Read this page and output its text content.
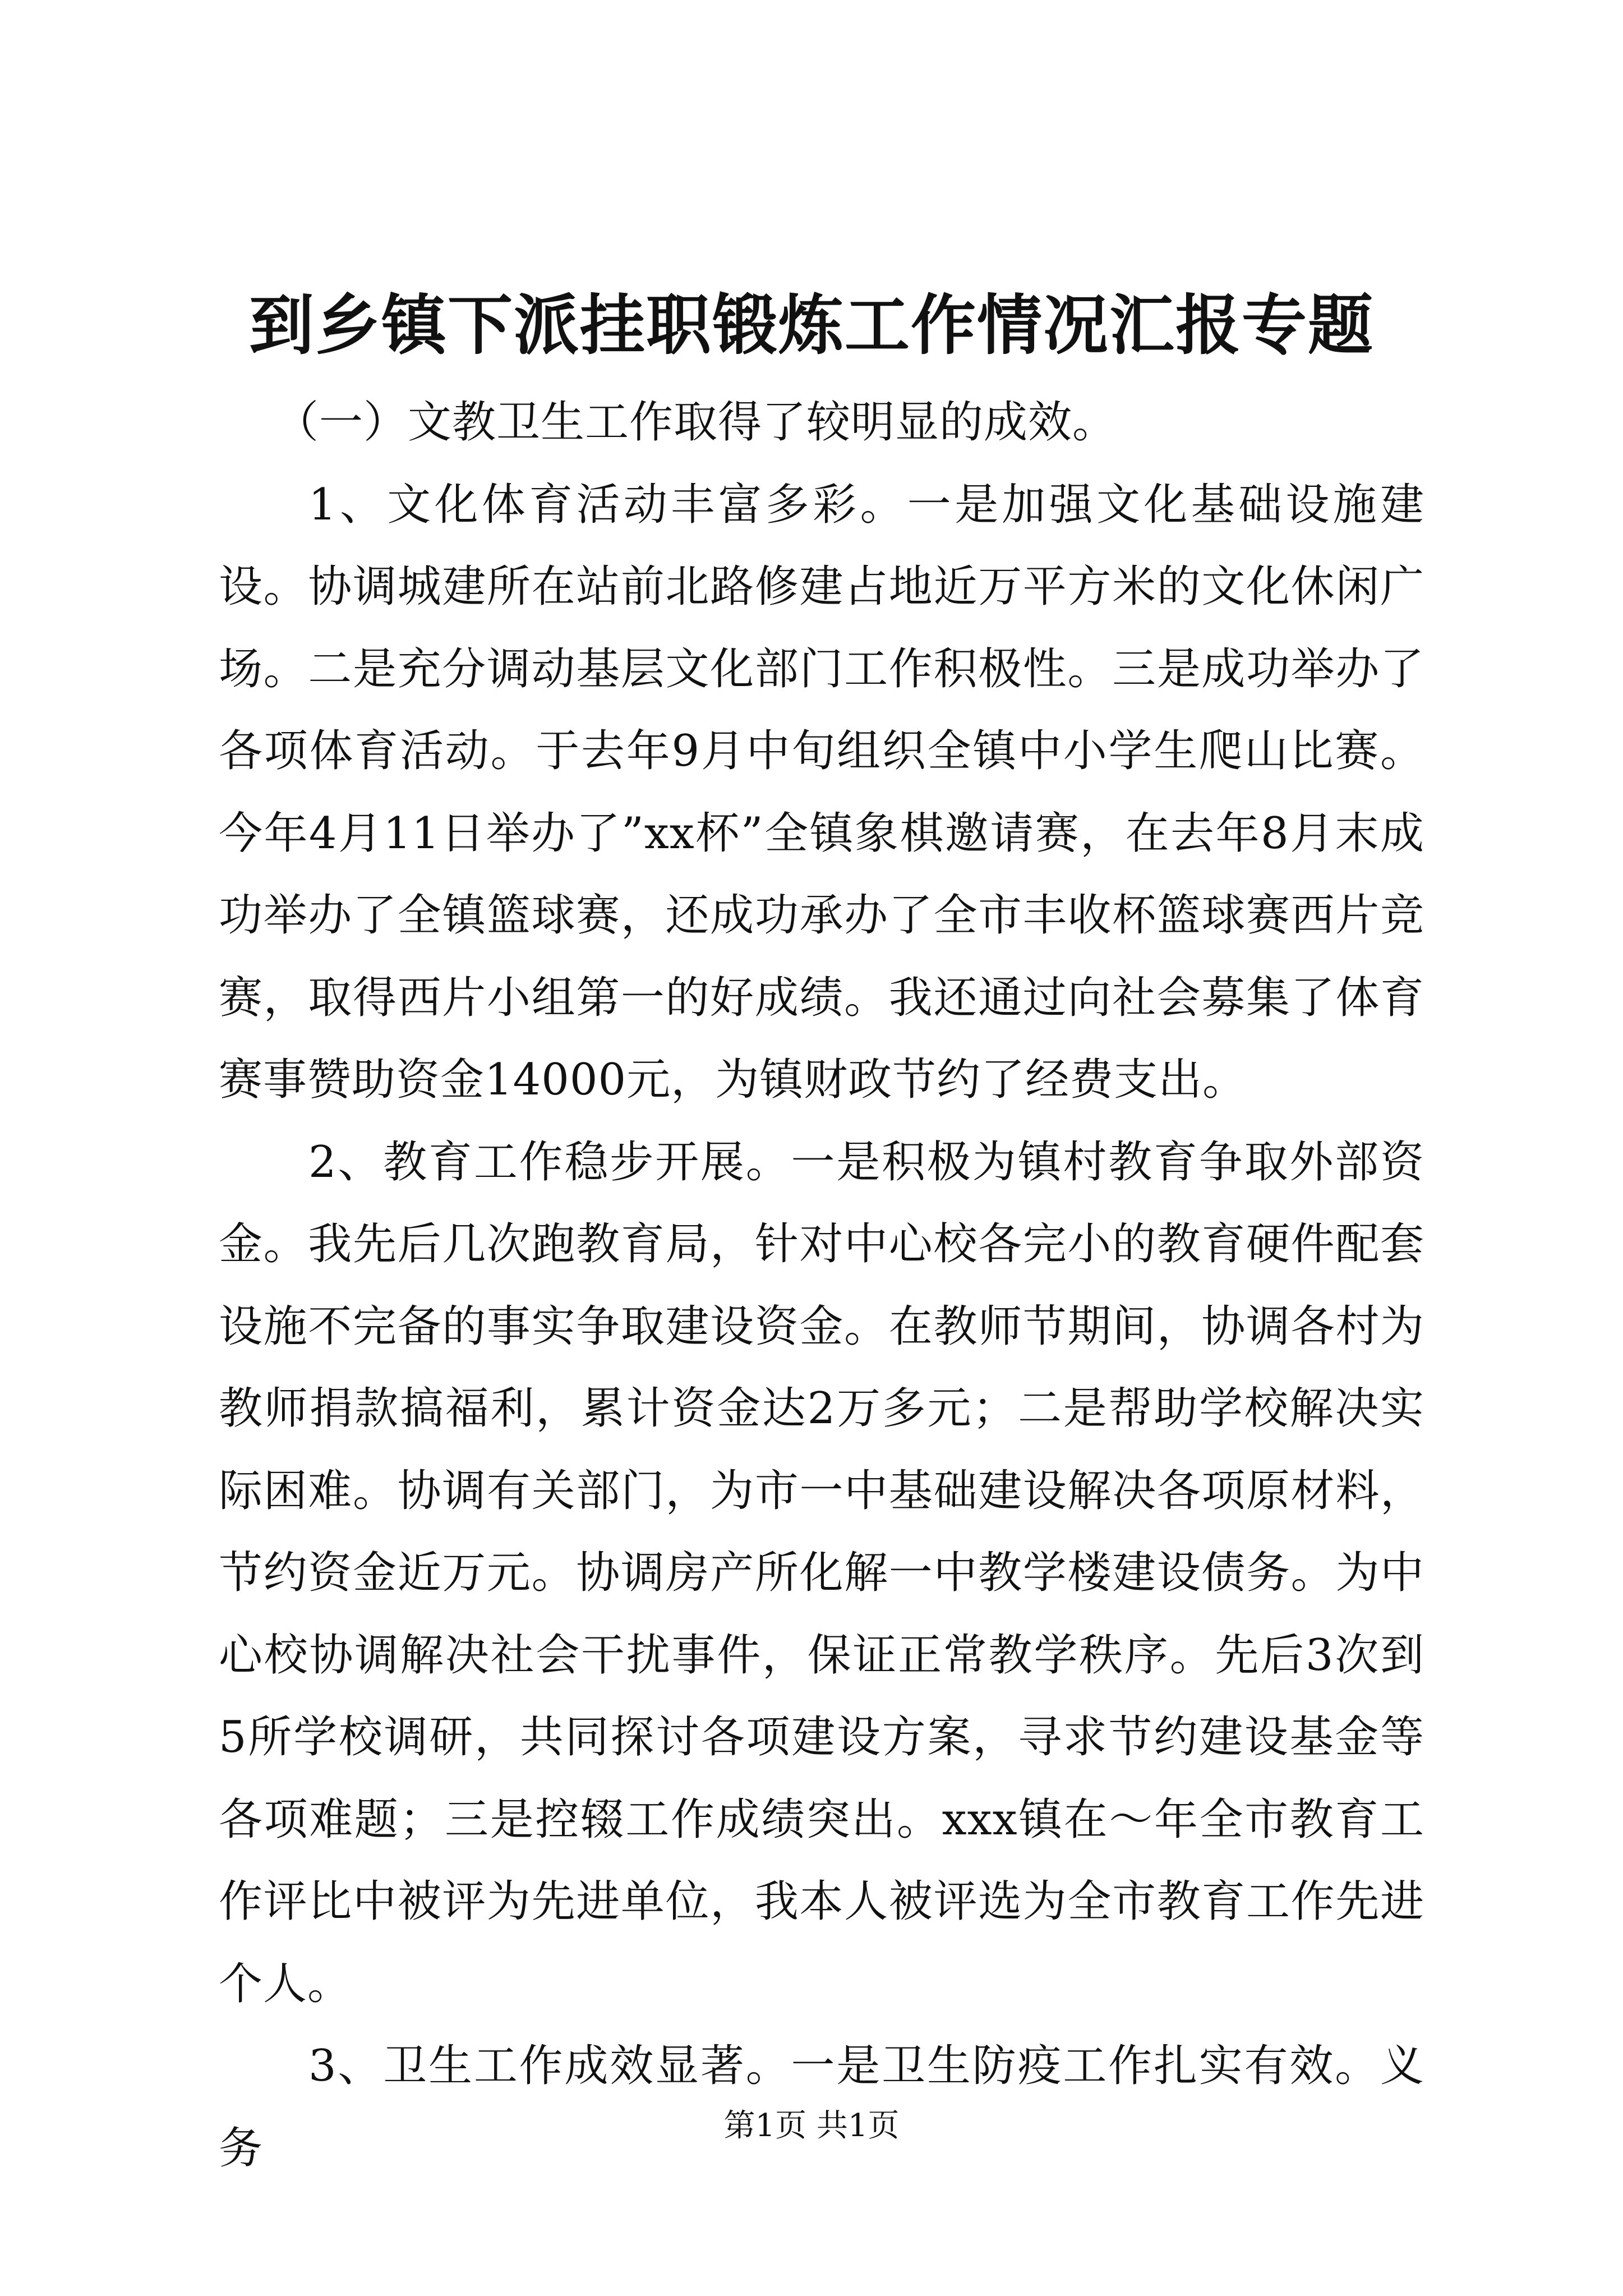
到乡镇下派挂职锻炼工作情况汇报专题

（一）文教卫生工作取得了较明显的成效。

1、文化体育活动丰富多彩。一是加强文化基础设施建设。协调城建所在站前北路修建占地近万平方米的文化休闲广场。二是充分调动基层文化部门工作积极性。三是成功举办了各项体育活动。于去年9月中旬组织全镇中小学生爬山比赛。今年4月11日举办了”xx杯”全镇象棋邀请赛，在去年8月末成功举办了全镇篮球赛，还成功承办了全市丰收杯篮球赛西片竞赛，取得西片小组第一的好成绩。我还通过向社会募集了体育赛事赞助资金14000元，为镇财政节约了经费支出。

2、教育工作稳步开展。一是积极为镇村教育争取外部资金。我先后几次跑教育局，针对中心校各完小的教育硬件配套设施不完备的事实争取建设资金。在教师节期间，协调各村为教师捐款搞福利，累计资金达2万多元；二是帮助学校解决实际困难。协调有关部门，为市一中基础建设解决各项原材料，节约资金近万元。协调房产所化解一中教学楼建设债务。为中心校协调解决社会干扰事件，保证正常教学秩序。先后3次到5所学校调研，共同探讨各项建设方案，寻求节约建设基金等各项难题；三是控辍工作成绩突出。xxx镇在～年全市教育工作评比中被评为先进单位，我本人被评选为全市教育工作先进个人。

3、卫生工作成效显著。一是卫生防疫工作扎实有效。义务	第1页 共1页
